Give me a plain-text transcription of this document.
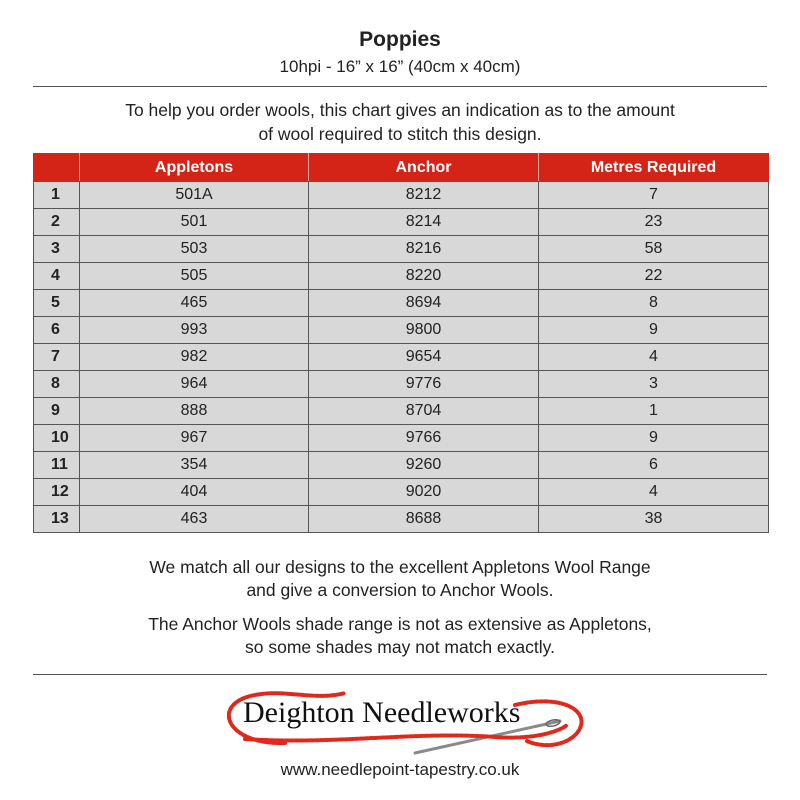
Poppies
10hpi - 16” x 16” (40cm x 40cm)
To help you order wools, this chart gives an indication as to the amount
of wool required to stitch this design.
	Appletons	Anchor	Metres Required
1	501A	8212	7
2	501	8214	23
3	503	8216	58
4	505	8220	22
5	465	8694	8
6	993	9800	9
7	982	9654	4
8	964	9776	3
9	888	8704	1
10	967	9766	9
11	354	9260	6
12	404	9020	4
13	463	8688	38
We match all our designs to the excellent Appletons Wool Range
and give a conversion to Anchor Wools.
The Anchor Wools shade range is not as extensive as Appletons,
so some shades may not match exactly.
Deighton Needleworks
www.needlepoint-tapestry.co.uk
